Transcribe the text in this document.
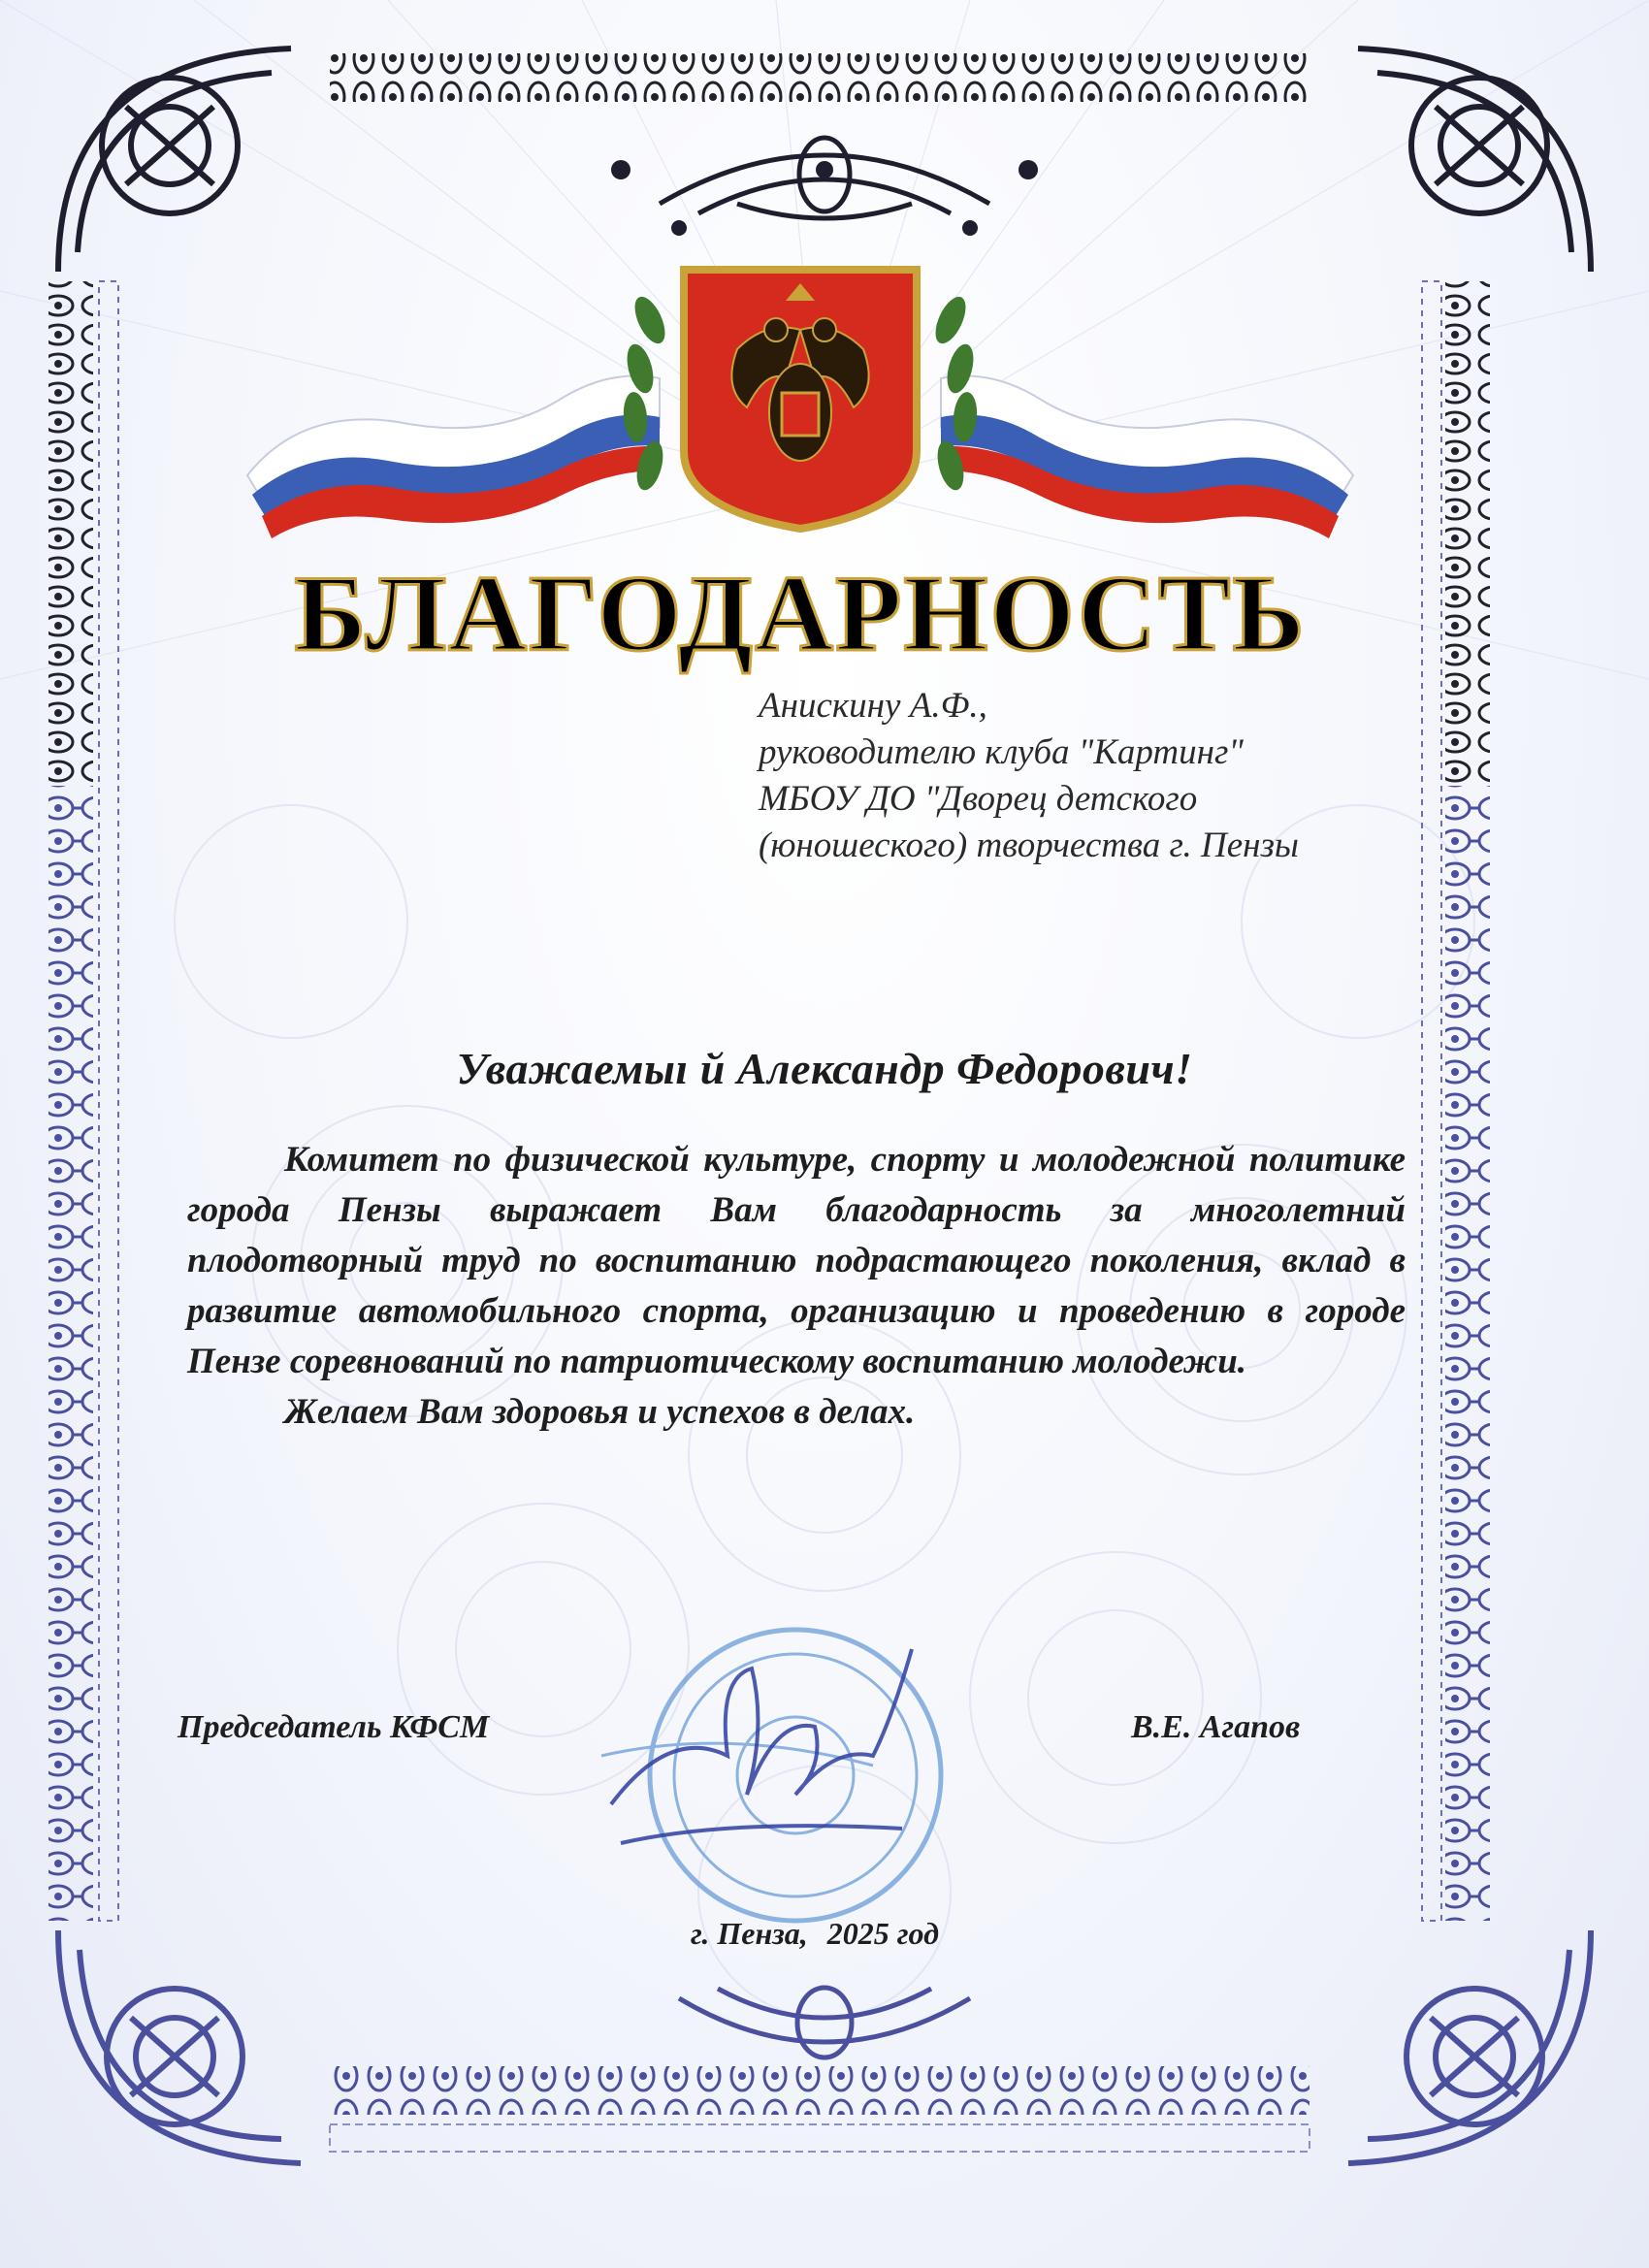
БЛАГОДАРНОСТЬ
Анискину А.Ф.,
руководителю клуба "Картинг"
МБОУ ДО "Дворец детского
(юношеского) творчества г. Пензы
Уважаемыı й Александр Федорович!

Комитет по физической культуре, спорту и молодежной политике города Пензы выражает Вам благодарность за многолетний плодотворный труд по воспитанию подрастающего поколения, вклад в развитие автомобильного спорта, организацию и проведению в городе Пензе соревнований по патриотическому воспитанию молодежи.

Желаем Вам здоровья и успехов в делах.

Председатель КФСМ	В.Е. Агапов
г. Пенза, 2025 год
